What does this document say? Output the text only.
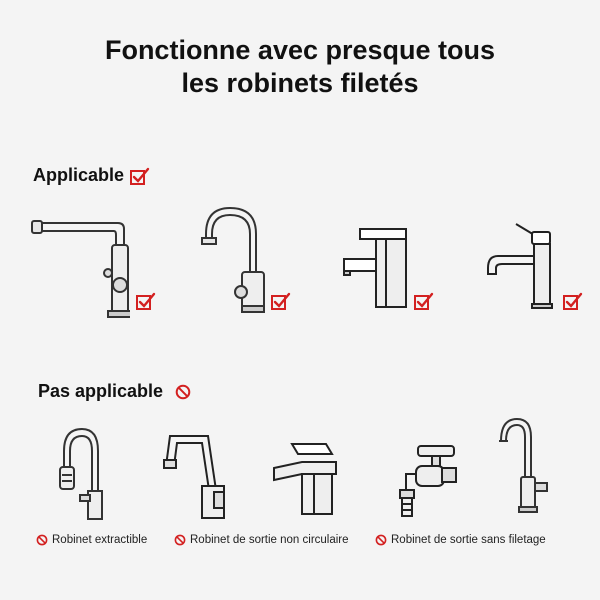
Fonctionne avec presque tous
les robinets filetés
Applicable
Pas applicable
Robinet extractible	Robinet de sortie non circulaire	Robinet de sortie sans filetage
